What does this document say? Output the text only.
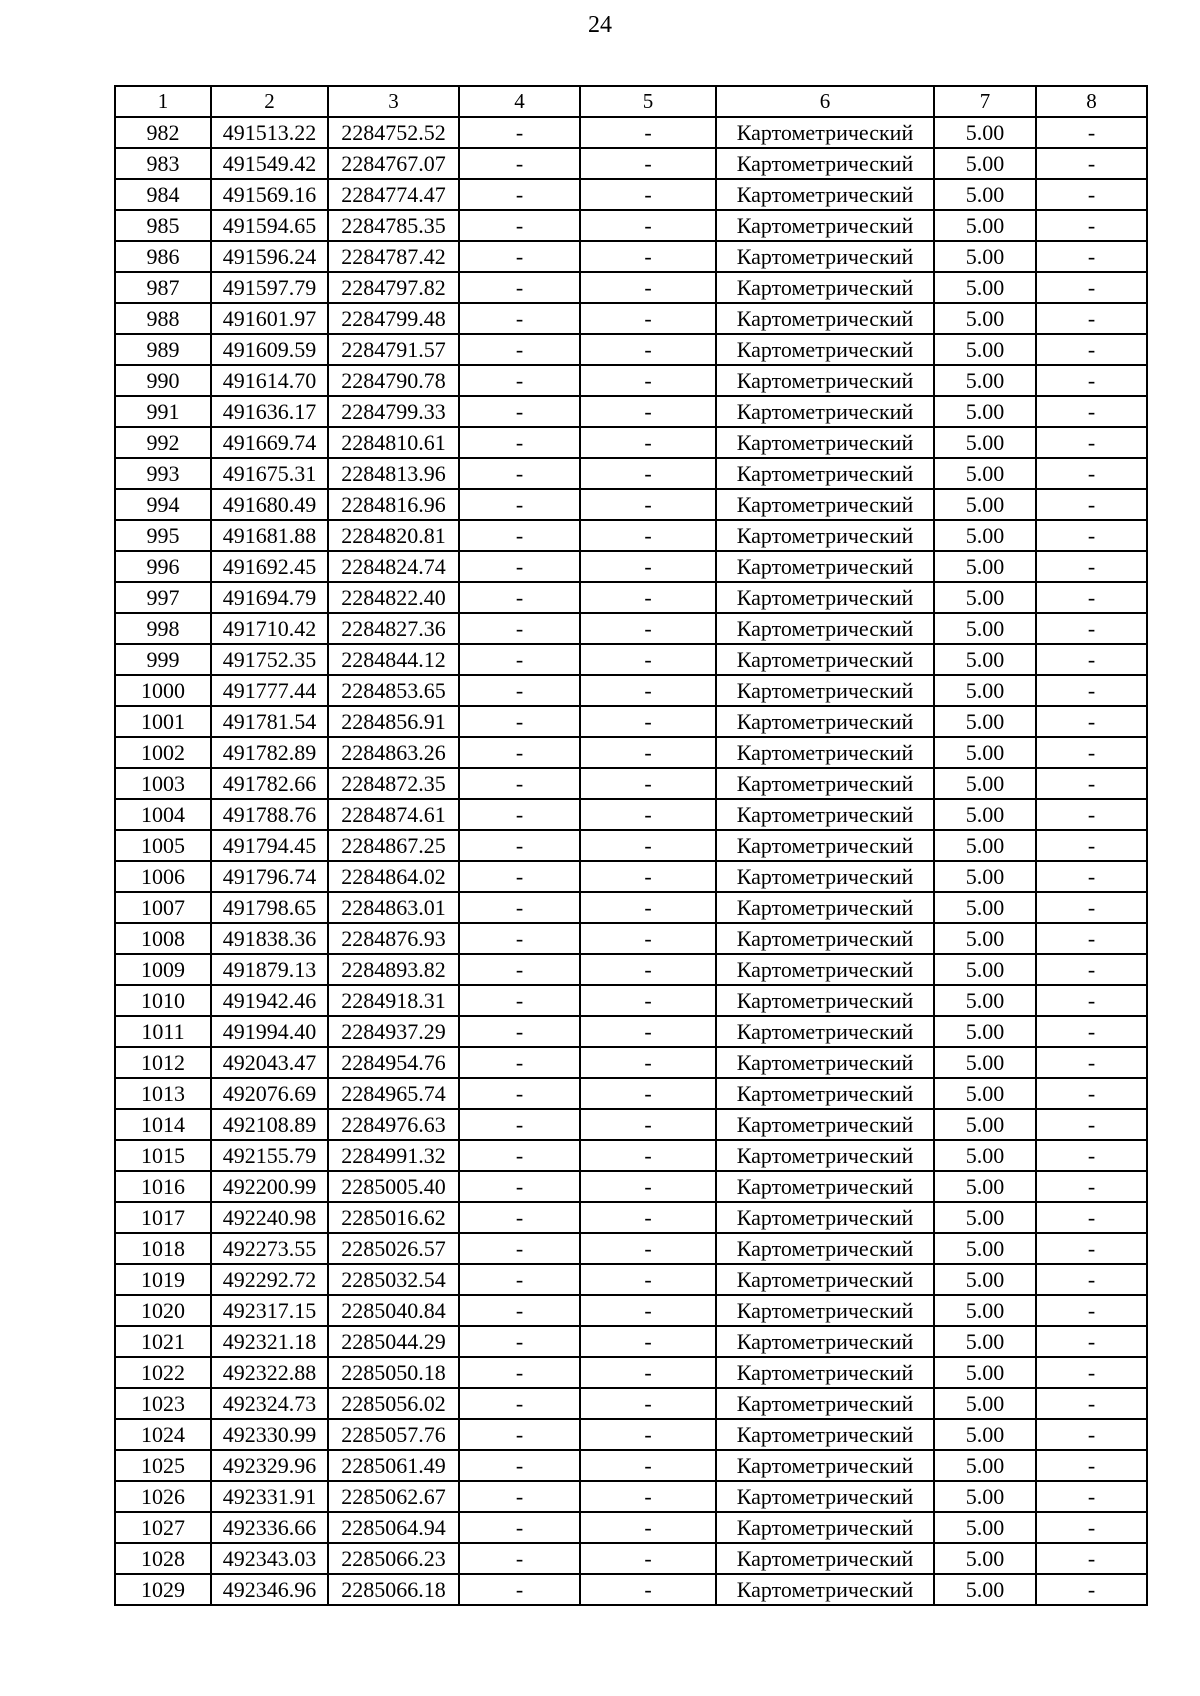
24
1	2	3	4	5	6	7	8
982	491513.22	2284752.52	-	-	Картометрический	5.00	-
983	491549.42	2284767.07	-	-	Картометрический	5.00	-
984	491569.16	2284774.47	-	-	Картометрический	5.00	-
985	491594.65	2284785.35	-	-	Картометрический	5.00	-
986	491596.24	2284787.42	-	-	Картометрический	5.00	-
987	491597.79	2284797.82	-	-	Картометрический	5.00	-
988	491601.97	2284799.48	-	-	Картометрический	5.00	-
989	491609.59	2284791.57	-	-	Картометрический	5.00	-
990	491614.70	2284790.78	-	-	Картометрический	5.00	-
991	491636.17	2284799.33	-	-	Картометрический	5.00	-
992	491669.74	2284810.61	-	-	Картометрический	5.00	-
993	491675.31	2284813.96	-	-	Картометрический	5.00	-
994	491680.49	2284816.96	-	-	Картометрический	5.00	-
995	491681.88	2284820.81	-	-	Картометрический	5.00	-
996	491692.45	2284824.74	-	-	Картометрический	5.00	-
997	491694.79	2284822.40	-	-	Картометрический	5.00	-
998	491710.42	2284827.36	-	-	Картометрический	5.00	-
999	491752.35	2284844.12	-	-	Картометрический	5.00	-
1000	491777.44	2284853.65	-	-	Картометрический	5.00	-
1001	491781.54	2284856.91	-	-	Картометрический	5.00	-
1002	491782.89	2284863.26	-	-	Картометрический	5.00	-
1003	491782.66	2284872.35	-	-	Картометрический	5.00	-
1004	491788.76	2284874.61	-	-	Картометрический	5.00	-
1005	491794.45	2284867.25	-	-	Картометрический	5.00	-
1006	491796.74	2284864.02	-	-	Картометрический	5.00	-
1007	491798.65	2284863.01	-	-	Картометрический	5.00	-
1008	491838.36	2284876.93	-	-	Картометрический	5.00	-
1009	491879.13	2284893.82	-	-	Картометрический	5.00	-
1010	491942.46	2284918.31	-	-	Картометрический	5.00	-
1011	491994.40	2284937.29	-	-	Картометрический	5.00	-
1012	492043.47	2284954.76	-	-	Картометрический	5.00	-
1013	492076.69	2284965.74	-	-	Картометрический	5.00	-
1014	492108.89	2284976.63	-	-	Картометрический	5.00	-
1015	492155.79	2284991.32	-	-	Картометрический	5.00	-
1016	492200.99	2285005.40	-	-	Картометрический	5.00	-
1017	492240.98	2285016.62	-	-	Картометрический	5.00	-
1018	492273.55	2285026.57	-	-	Картометрический	5.00	-
1019	492292.72	2285032.54	-	-	Картометрический	5.00	-
1020	492317.15	2285040.84	-	-	Картометрический	5.00	-
1021	492321.18	2285044.29	-	-	Картометрический	5.00	-
1022	492322.88	2285050.18	-	-	Картометрический	5.00	-
1023	492324.73	2285056.02	-	-	Картометрический	5.00	-
1024	492330.99	2285057.76	-	-	Картометрический	5.00	-
1025	492329.96	2285061.49	-	-	Картометрический	5.00	-
1026	492331.91	2285062.67	-	-	Картометрический	5.00	-
1027	492336.66	2285064.94	-	-	Картометрический	5.00	-
1028	492343.03	2285066.23	-	-	Картометрический	5.00	-
1029	492346.96	2285066.18	-	-	Картометрический	5.00	-
